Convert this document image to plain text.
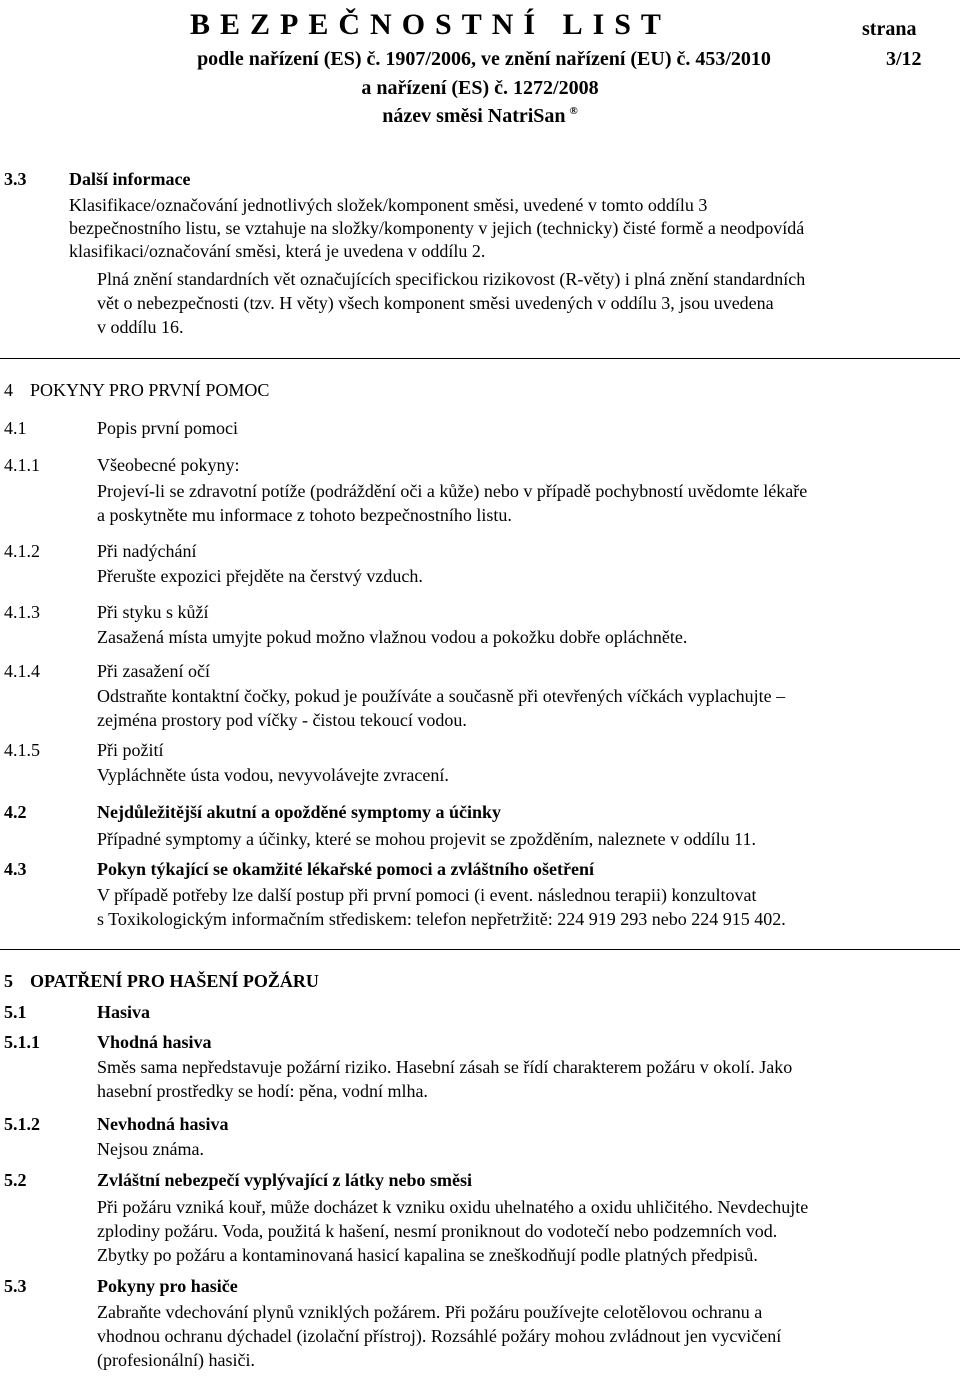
BEZPEČNOSTNÍ LIST	strana
3/12
podle nařízení (ES) č. 1907/2006, ve znění nařízení (EU) č. 453/2010
a nařízení (ES) č. 1272/2008
název směsi NatriSan ®
3.3 Další informace
Klasifikace/označování jednotlivých složek/komponent směsi, uvedené v tomto oddílu 3
bezpečnostního listu, se vztahuje na složky/komponenty v jejich (technicky) čisté formě a neodpovídá
klasifikaci/označování směsi, která je uvedena v oddílu 2.
Plná znění standardních vět označujících specifickou rizikovost (R-věty) i plná znění standardních
vět o nebezpečnosti (tzv. H věty) všech komponent směsi uvedených v oddílu 3, jsou uvedena
v oddílu 16.
4 POKYNY PRO PRVNÍ POMOC
4.1	Popis první pomoci
4.1.1	Všeobecné pokyny:
Projeví-li se zdravotní potíže (podráždění oči a kůže) nebo v případě pochybností uvědomte lékaře
a poskytněte mu informace z tohoto bezpečnostního listu.
4.1.2	Při nadýchání
Přerušte expozici přejděte na čerstvý vzduch.
4.1.3	Při styku s kůží
Zasažená místa umyjte pokud možno vlažnou vodou a pokožku dobře opláchněte.
4.1.4	Při zasažení očí
Odstraňte kontaktní čočky, pokud je používáte a současně při otevřených víčkách vyplachujte –
zejména prostory pod víčky - čistou tekoucí vodou.
4.1.5	Při požití
Vypláchněte ústa vodou, nevyvolávejte zvracení.
4.2	Nejdůležitější akutní a opožděné symptomy a účinky
Případné symptomy a účinky, které se mohou projevit se zpožděním, naleznete v oddílu 11.
4.3	Pokyn týkající se okamžité lékařské pomoci a zvláštního ošetření
V případě potřeby lze další postup při první pomoci (i event. následnou terapii) konzultovat
s Toxikologickým informačním střediskem: telefon nepřetržitě: 224 919 293 nebo 224 915 402.
5 OPATŘENÍ PRO HAŠENÍ POŽÁRU
5.1	Hasiva
5.1.1	Vhodná hasiva
Směs sama nepředstavuje požární riziko. Hasební zásah se řídí charakterem požáru v okolí. Jako
hasební prostředky se hodí: pěna, vodní mlha.
5.1.2	Nevhodná hasiva
Nejsou známa.
5.2	Zvláštní nebezpečí vyplývající z látky nebo směsi
Při požáru vzniká kouř, může docházet k vzniku oxidu uhelnatého a oxidu uhličitého. Nevdechujte
zplodiny požáru. Voda, použitá k hašení, nesmí proniknout do vodotečí nebo podzemních vod.
Zbytky po požáru a kontaminovaná hasicí kapalina se zneškodňují podle platných předpisů.
5.3	Pokyny pro hasiče
Zabraňte vdechování plynů vzniklých požárem. Při požáru používejte celotělovou ochranu a
vhodnou ochranu dýchadel (izolační přístroj). Rozsáhlé požáry mohou zvládnout jen vycvičení
(profesionální) hasiči.
